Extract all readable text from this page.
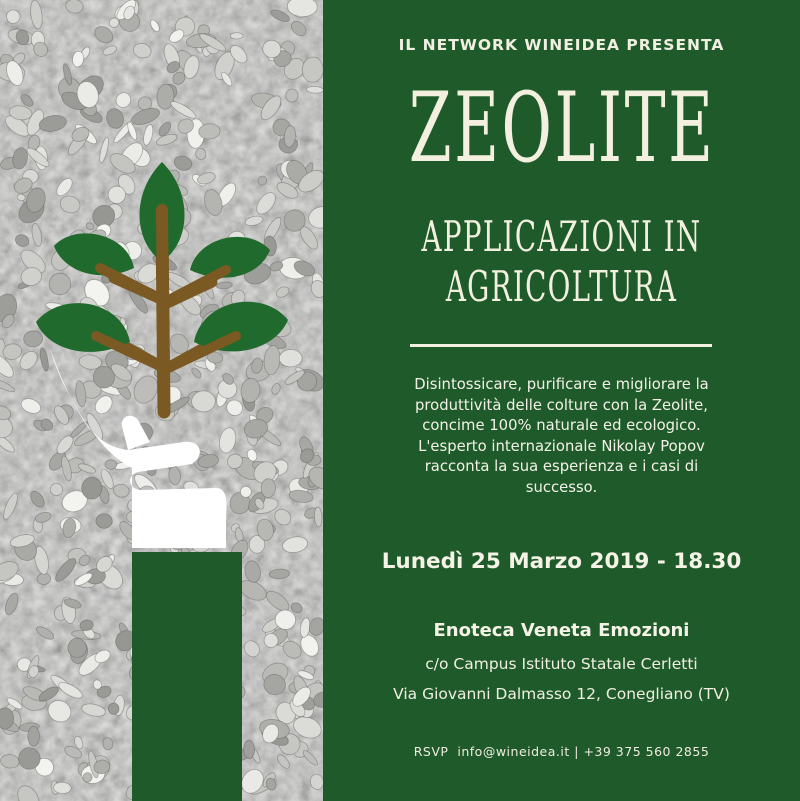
IL NETWORK WINEIDEA PRESENTA
ZEOLITE
APPLICAZIONI IN
AGRICOLTURA
Disintossicare, purificare e migliorare la
produttività delle colture con la Zeolite,
concime 100% naturale ed ecologico.
L'esperto internazionale Nikolay Popov
racconta la sua esperienza e i casi di
successo.
Lunedì 25 Marzo 2019 - 18.30
Enoteca Veneta Emozioni
c/o Campus Istituto Statale Cerletti
Via Giovanni Dalmasso 12, Conegliano (TV)
RSVP info@wineidea.it | +39 375 560 2855
